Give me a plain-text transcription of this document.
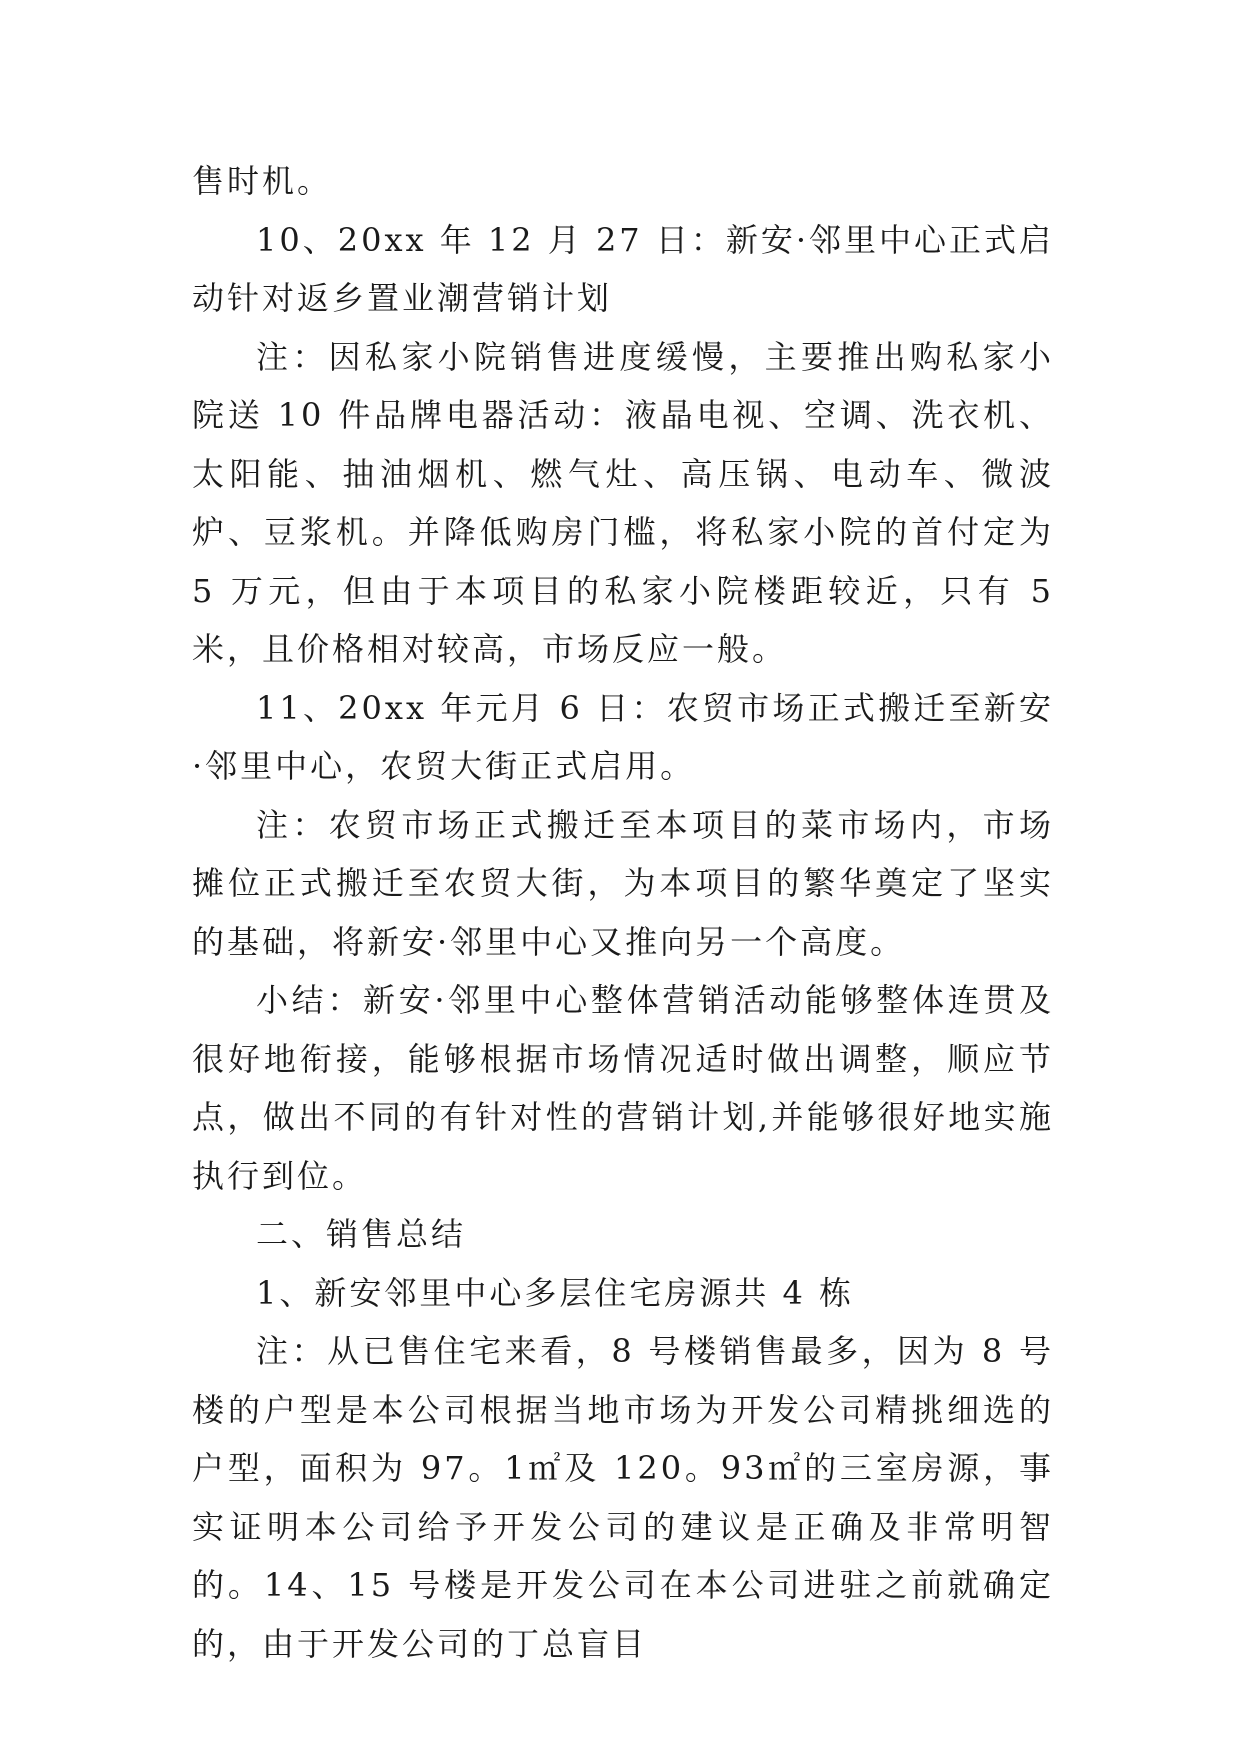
售时机。

10、20xx 年 12 月 27 日：新安·邻里中心正式启动针对返乡置业潮营销计划

注：因私家小院销售进度缓慢，主要推出购私家小院送 10 件品牌电器活动：液晶电视、空调、洗衣机、太阳能、抽油烟机、燃气灶、高压锅、电动车、微波炉、豆浆机。并降低购房门槛，将私家小院的首付定为 5 万元，但由于本项目的私家小院楼距较近，只有 5 米，且价格相对较高，市场反应一般。

11、20xx 年元月 6 日：农贸市场正式搬迁至新安·邻里中心，农贸大街正式启用。

注：农贸市场正式搬迁至本项目的菜市场内，市场摊位正式搬迁至农贸大街，为本项目的繁华奠定了坚实的基础，将新安·邻里中心又推向另一个高度。

小结：新安·邻里中心整体营销活动能够整体连贯及很好地衔接，能够根据市场情况适时做出调整，顺应节点，做出不同的有针对性的营销计划,并能够很好地实施执行到位。

二、销售总结

1、新安邻里中心多层住宅房源共 4 栋

注：从已售住宅来看，8 号楼销售最多，因为 8 号楼的户型是本公司根据当地市场为开发公司精挑细选的户型，面积为 97。1㎡及 120。93㎡的三室房源，事实证明本公司给予开发公司的建议是正确及非常明智的。14、15 号楼是开发公司在本公司进驻之前就确定的，由于开发公司的丁总盲目
